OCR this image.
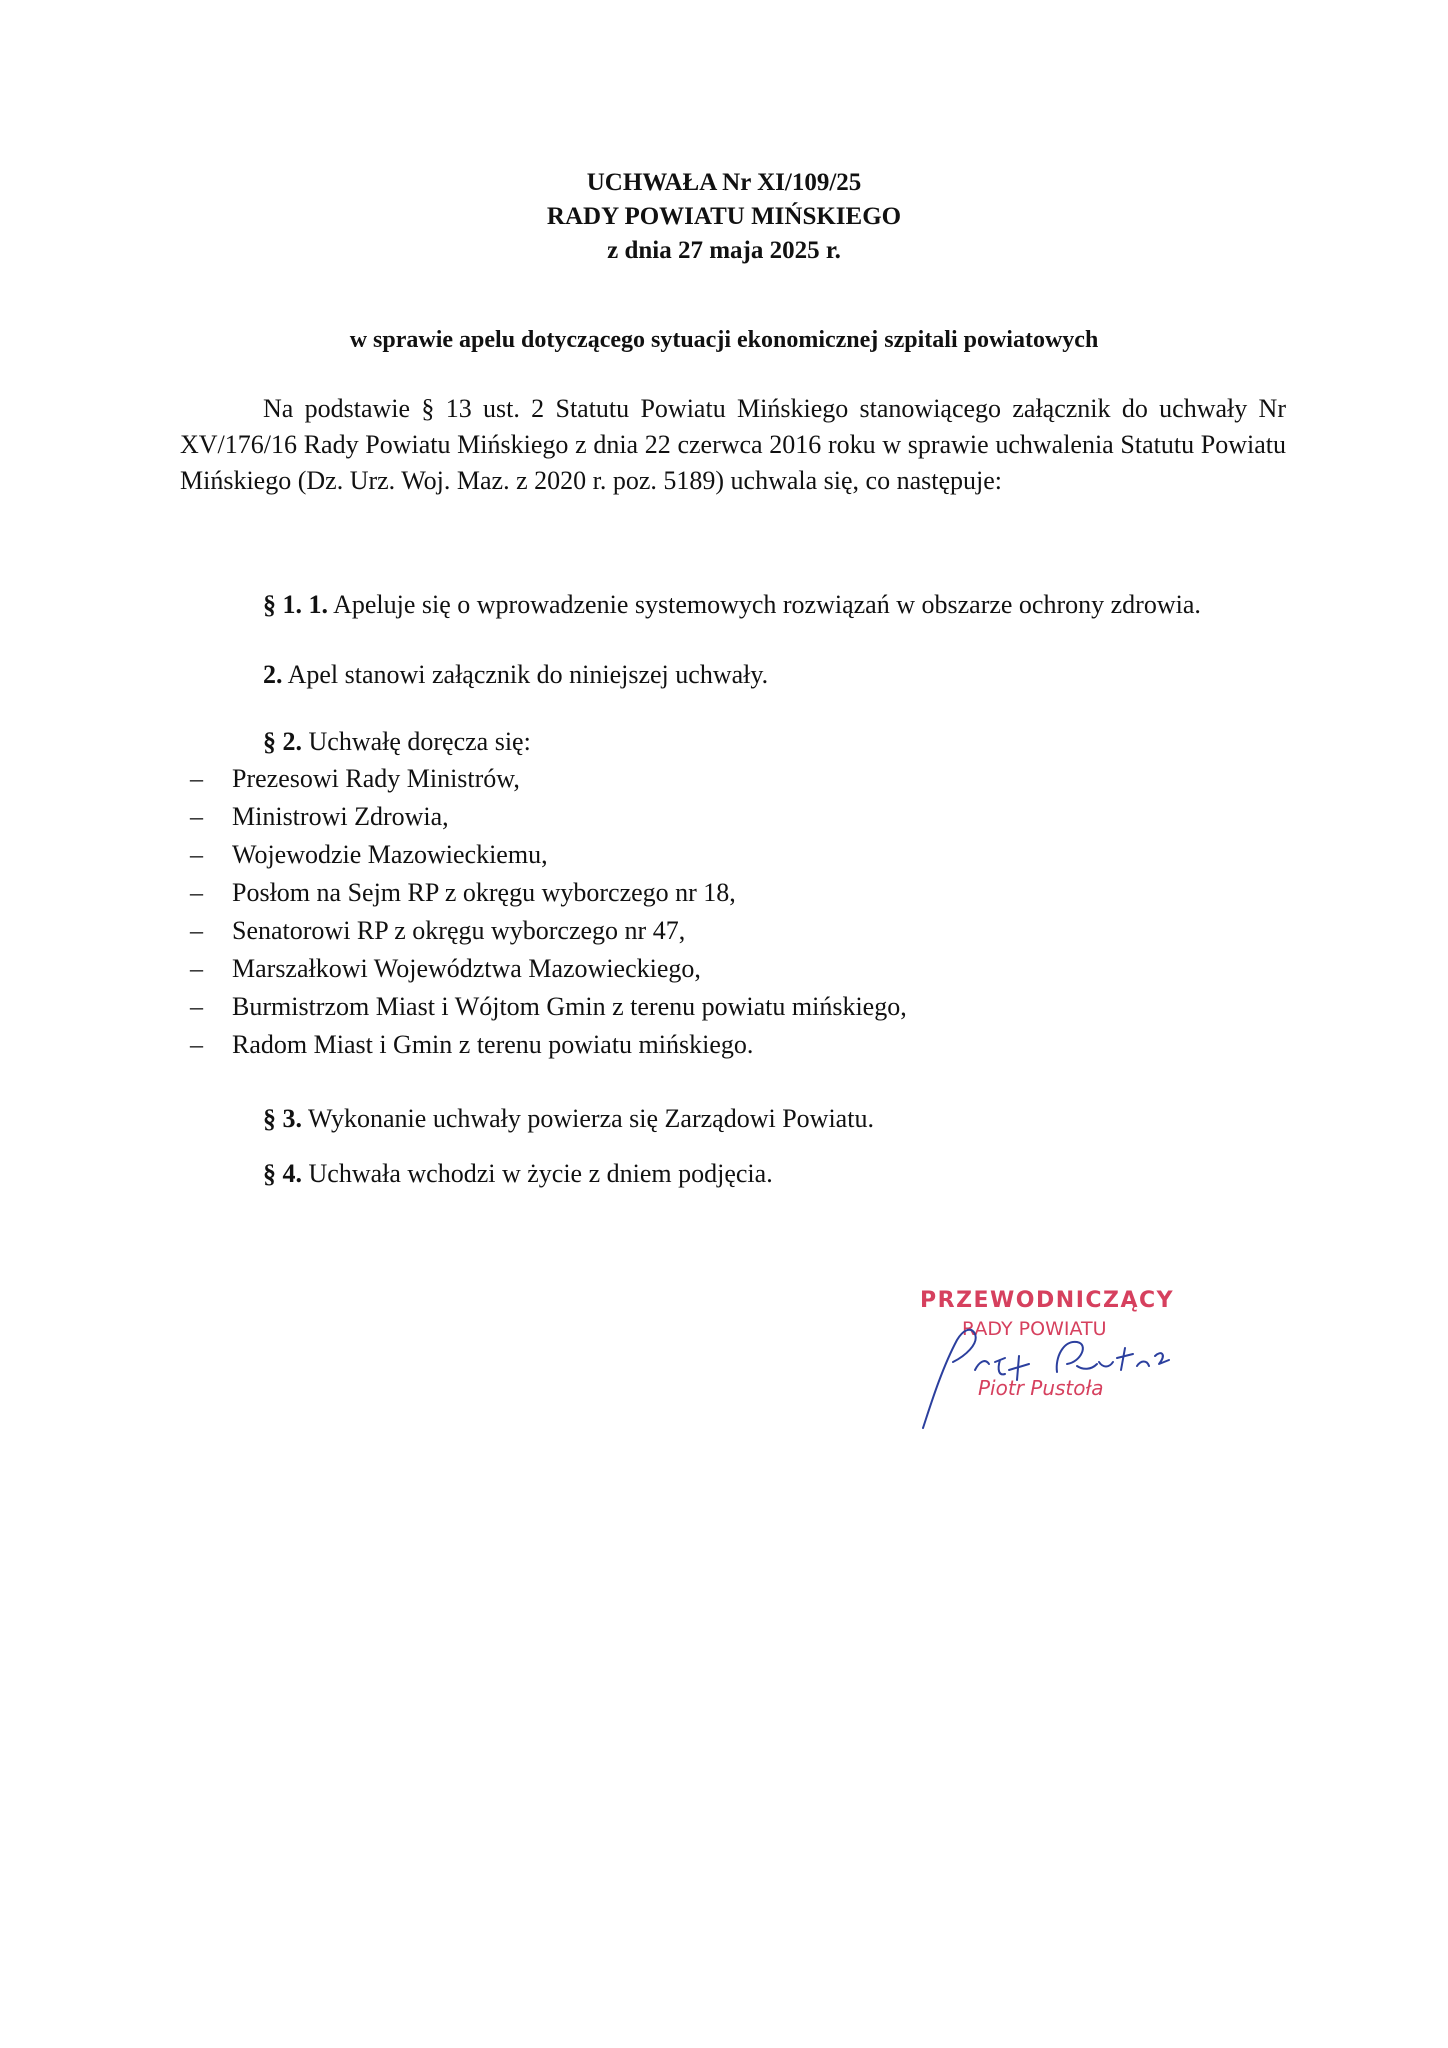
UCHWAŁA Nr XI/109/25
RADY POWIATU MIŃSKIEGO
z dnia 27 maja 2025 r.
w sprawie apelu dotyczącego sytuacji ekonomicznej szpitali powiatowych

Na podstawie § 13 ust. 2 Statutu Powiatu Mińskiego stanowiącego załącznik do uchwały Nr XV/176/16 Rady Powiatu Mińskiego z dnia 22 czerwca 2016 roku w sprawie uchwalenia Statutu Powiatu Mińskiego (Dz. Urz. Woj. Maz. z 2020 r. poz. 5189) uchwala się, co następuje:

§ 1. 1. Apeluje się o wprowadzenie systemowych rozwiązań w obszarze ochrony zdrowia.

2. Apel stanowi załącznik do niniejszej uchwały.

§ 2. Uchwałę doręcza się:

– Prezesowi Rady Ministrów,
– Ministrowi Zdrowia,
– Wojewodzie Mazowieckiemu,
– Posłom na Sejm RP z okręgu wyborczego nr 18,
– Senatorowi RP z okręgu wyborczego nr 47,
– Marszałkowi Województwa Mazowieckiego,
– Burmistrzom Miast i Wójtom Gmin z terenu powiatu mińskiego,
– Radom Miast i Gmin z terenu powiatu mińskiego.

§ 3. Wykonanie uchwały powierza się Zarządowi Powiatu.

§ 4. Uchwała wchodzi w życie z dniem podjęcia.

PRZEWODNICZĄCY
RADY POWIATU
Piotr Pustoła
